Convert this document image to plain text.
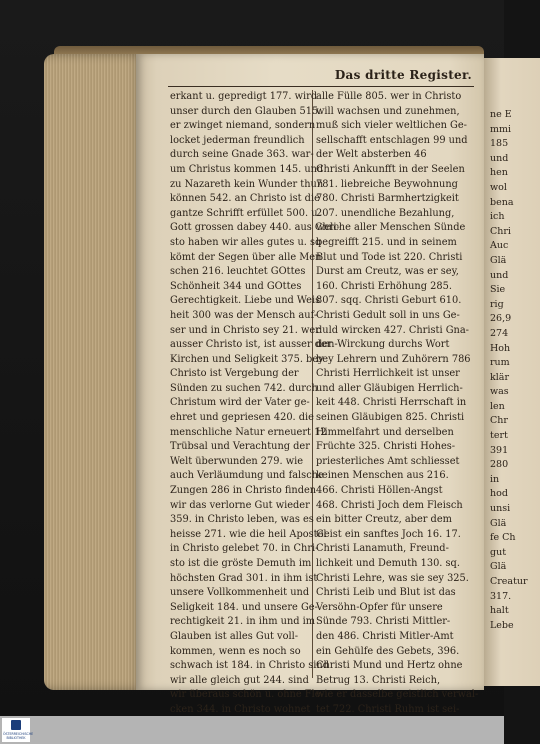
Das dritte Register.
erkant u. gepredigt 177. wird
unser durch den Glauben 515.
er zwinget niemand, sondern
locket jederman freundlich
durch seine Gnade 363. war-
um Christus kommen 145. und
zu Nazareth kein Wunder thun
können 542. an Christo ist die
gantze Schrifft erfüllet 500. u.
Gott grossen dabey 440. aus Chri-
sto haben wir alles gutes u. sq
kömt der Segen über alle Men
schen 216. leuchtet GOttes
Schönheit 344 und GOttes
Gerechtigkeit. Liebe und Weis
heit 300 was der Mensch auf-
ser und in Christo sey 21. wer
ausser Christo ist, ist ausser der
Kirchen und Seligkeit 375. bey
Christo ist Vergebung der
Sünden zu suchen 742. durch
Christum wird der Vater ge-
ehret und gepriesen 420. die
menschliche Natur erneuert 12
Trübsal und Verachtung der
Welt überwunden 279. wie
auch Verläumdung und falsche
Zungen 286 in Christo finden
wir das verlorne Gut wieder
359. in Christo leben, was es
heisse 271. wie die heil Apostel
in Christo gelebet 70. in Chri-
sto ist die gröste Demuth im
höchsten Grad 301. in ihm ist
unsere Vollkommenheit und
Seligkeit 184. und unsere Ge-
rechtigkeit 21. in ihm und im
Glauben ist alles Gut voll-
kommen, wenn es noch so
schwach ist 184. in Christo sind
wir alle gleich gut 244. sind
wir überaus schön u. ohne Fle-
cken 344. in Christo wohnet
alle Fülle 805. wer in Christo
will wachsen und zunehmen,
muß sich vieler weltlichen Ge-
sellschafft entschlagen 99 und
der Welt absterben 46
Christi Ankunfft in der Seelen
781. liebreiche Beywohnung
780. Christi Barmhertzigkeit
207. unendliche Bezahlung,
welche aller Menschen Sünde
begreifft 215. und in seinem
Blut und Tode ist 220. Christi
Durst am Creutz, was er sey,
160. Christi Erhöhung 285.
807. sqq. Christi Geburt 610.
Christi Gedult soll in uns Ge-
duld wircken 427. Christi Gna-
den-Wirckung durchs Wort
bey Lehrern und Zuhörern 786
Christi Herrlichkeit ist unser
und aller Gläubigen Herrlich-
keit 448. Christi Herrschaft in
seinen Gläubigen 825. Christi
Himmelfahrt und derselben
Früchte 325. Christi Hohes-
priesterliches Amt schliesset
keinen Menschen aus 216.
466. Christi Höllen-Angst
468. Christi Joch dem Fleisch
ein bitter Creutz, aber dem
Geist ein sanftes Joch 16. 17.
Christi Lanamuth, Freund-
lichkeit und Demuth 130. sq.
Christi Lehre, was sie sey 325.
Christi Leib und Blut ist das
Versöhn-Opfer für unsere
Sünde 793. Christi Mittler-
den 486. Christi Mitler-Amt
ein Gehülfe des Gebets, 396.
Christi Mund und Hertz ohne
Betrug 13. Christi Reich,
wie er dasselbe geistlich verwal-
tet 722. Christi Ruhm ist sei-
ne E
mmi
185
und
hen
wol
bena
ich
Chri
Auc
Glä
und
Sie
rig
26,9
274
Hoh
rum
klär
was
len
Chr
tert
391
280
in
hod
unsi
Glä
fe Ch
gut
Glä
Creatur
317.
halt
Lebe
ÖSTERREICHISCHE BIBLIOTHEK
